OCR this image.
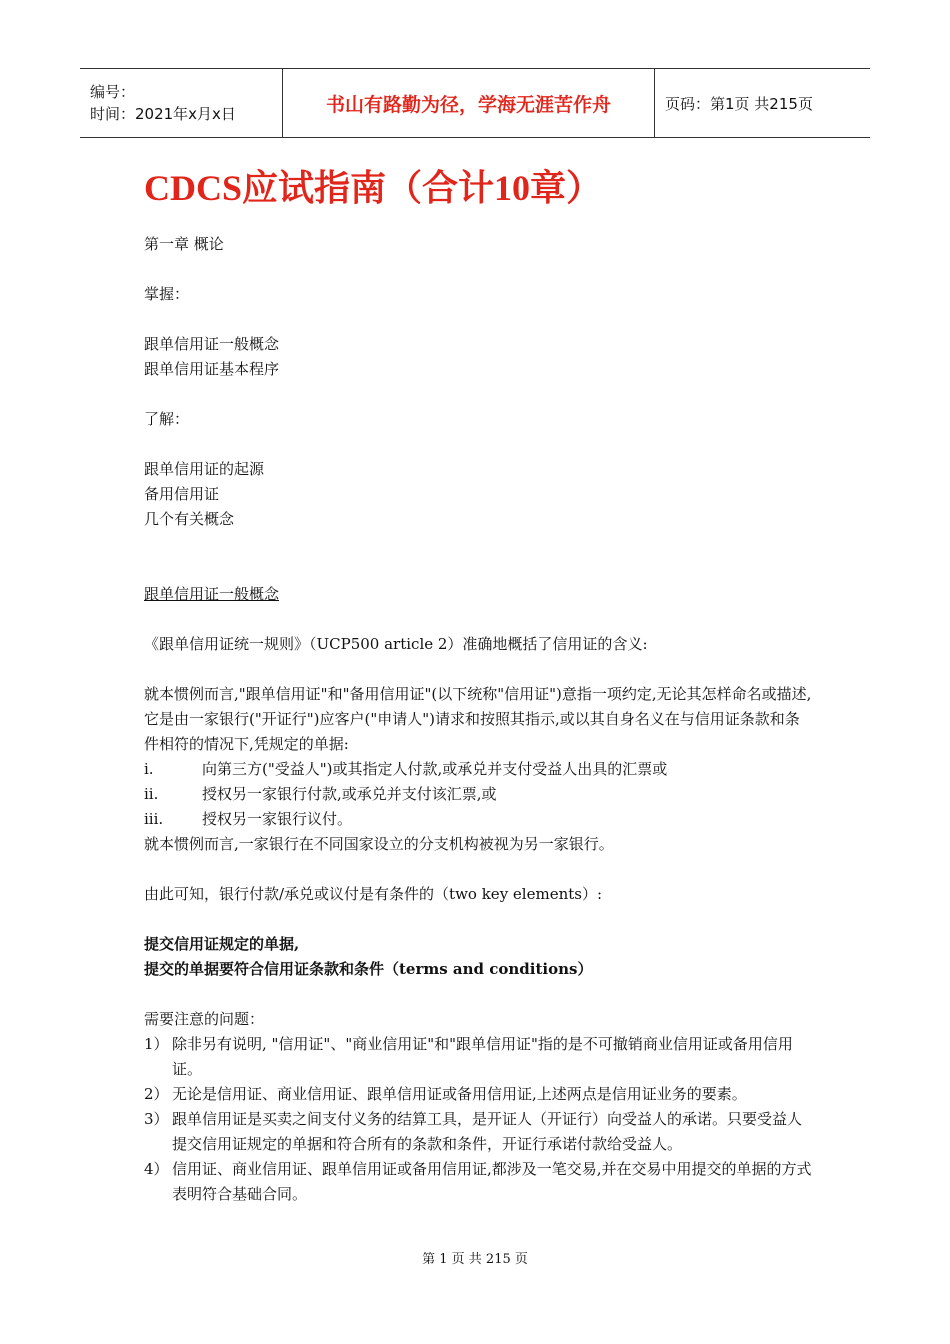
编号：
时间：2021年x月x日	书山有路勤为径，学海无涯苦作舟	页码：第1页 共215页
CDCS应试指南（合计10章）

第一章 概论

掌握：

跟单信用证一般概念

跟单信用证基本程序

了解：

跟单信用证的起源

备用信用证

几个有关概念

跟单信用证一般概念

《跟单信用证统一规则》（UCP500 article 2）准确地概括了信用证的含义:

就本惯例而言,"跟单信用证"和"备用信用证"(以下统称"信用证")意指一项约定,无论其怎样命名或描述,它是由一家银行("开证行")应客户("申请人")请求和按照其指示,或以其自身名义在与信用证条款和条件相符的情况下,凭规定的单据:

i.	向第三方("受益人")或其指定人付款,或承兑并支付受益人出具的汇票或
ii.	授权另一家银行付款,或承兑并支付该汇票,或
iii.	授权另一家银行议付。

就本惯例而言,一家银行在不同国家设立的分支机构被视为另一家银行。

由此可知，银行付款/承兑或议付是有条件的（two key elements）:

提交信用证规定的单据,

提交的单据要符合信用证条款和条件（terms and conditions）

需要注意的问题：

1） 除非另有说明, "信用证"、"商业信用证"和"跟单信用证"指的是不可撤销商业信用证或备用信用证。
2） 无论是信用证、商业信用证、跟单信用证或备用信用证,上述两点是信用证业务的要素。
3） 跟单信用证是买卖之间支付义务的结算工具，是开证人（开证行）向受益人的承诺。只要受益人提交信用证规定的单据和符合所有的条款和条件，开证行承诺付款给受益人。
4） 信用证、商业信用证、跟单信用证或备用信用证,都涉及一笔交易,并在交易中用提交的单据的方式表明符合基础合同。
第 1 页 共 215 页
